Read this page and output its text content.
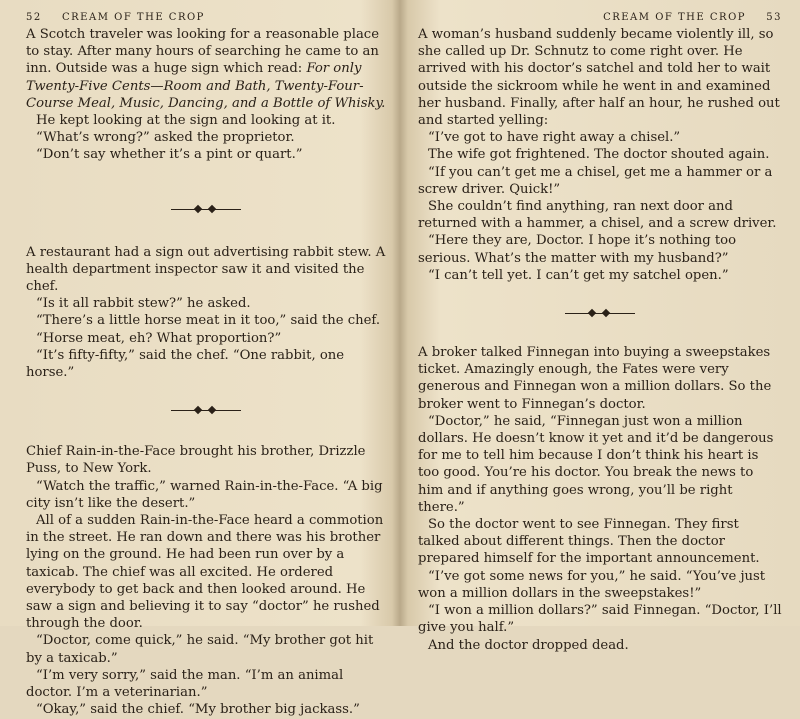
52 CREAM OF THE CROP

A Scotch traveler was looking for a reasonable place to stay. After many hours of searching he came to an inn. Outside was a huge sign which read: For only Twenty-Five Cents—Room and Bath, Twenty-Four-Course Meal, Music, Dancing, and a Bottle of Whisky.

He kept looking at the sign and looking at it.

“What’s wrong?” asked the proprietor.

“Don’t say whether it’s a pint or quart.”

A restaurant had a sign out advertising rabbit stew. A health department inspector saw it and visited the chef.

“Is it all rabbit stew?” he asked.

“There’s a little horse meat in it too,” said the chef.

“Horse meat, eh? What proportion?”

“It’s fifty-fifty,” said the chef. “One rabbit, one horse.”

Chief Rain-in-the-Face brought his brother, Drizzle Puss, to New York.

“Watch the traffic,” warned Rain-in-the-Face. “A big city isn’t like the desert.”

All of a sudden Rain-in-the-Face heard a commotion in the street. He ran down and there was his brother lying on the ground. He had been run over by a taxicab. The chief was all excited. He ordered everybody to get back and then looked around. He saw a sign and believing it to say “doctor” he rushed through the door.

“Doctor, come quick,” he said. “My brother got hit by a taxicab.”

“I’m very sorry,” said the man. “I’m an animal doctor. I’m a veterinarian.”

“Okay,” said the chief. “My brother big jackass.”

CREAM OF THE CROP 53

A woman’s husband suddenly became violently ill, so she called up Dr. Schnutz to come right over. He arrived with his doctor’s satchel and told her to wait outside the sickroom while he went in and examined her husband. Finally, after half an hour, he rushed out and started yelling:

“I’ve got to have right away a chisel.”

The wife got frightened. The doctor shouted again.

“If you can’t get me a chisel, get me a hammer or a screw driver. Quick!”

She couldn’t find anything, ran next door and returned with a hammer, a chisel, and a screw driver.

“Here they are, Doctor. I hope it’s nothing too serious. What’s the matter with my husband?”

“I can’t tell yet. I can’t get my satchel open.”

A broker talked Finnegan into buying a sweepstakes ticket. Amazingly enough, the Fates were very generous and Finnegan won a million dollars. So the broker went to Finnegan’s doctor.

“Doctor,” he said, “Finnegan just won a million dollars. He doesn’t know it yet and it’d be dangerous for me to tell him because I don’t think his heart is too good. You’re his doctor. You break the news to him and if anything goes wrong, you’ll be right there.”

So the doctor went to see Finnegan. They first talked about different things. Then the doctor prepared himself for the important announcement.

“I’ve got some news for you,” he said. “You’ve just won a million dollars in the sweepstakes!”

“I won a million dollars?” said Finnegan. “Doctor, I’ll give you half.”

And the doctor dropped dead.
